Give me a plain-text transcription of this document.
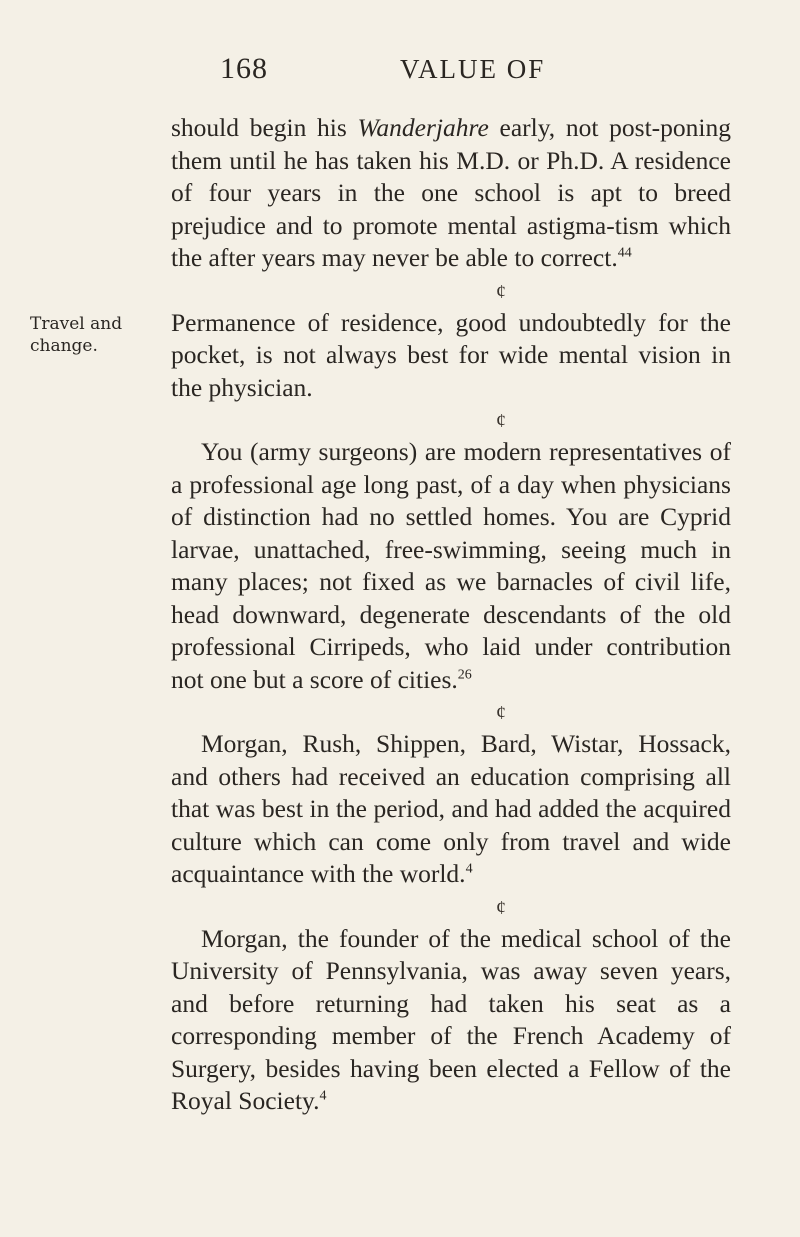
168	VALUE OF
Travel and
change.

should begin his Wanderjahre early, not post-poning them until he has taken his M.D. or Ph.D. A residence of four years in the one school is apt to breed prejudice and to promote mental astigma-tism which the after years may never be able to correct.$^{44}$

¢

Permanence of residence, good undoubtedly for the pocket, is not always best for wide mental vision in the physician.

¢

You (army surgeons) are modern representatives of a professional age long past, of a day when physicians of distinction had no settled homes. You are Cyprid larvae, unattached, free-swimming, seeing much in many places; not fixed as we barnacles of civil life, head downward, degenerate descendants of the old professional Cirripeds, who laid under contribution not one but a score of cities.$^{26}$

¢

Morgan, Rush, Shippen, Bard, Wistar, Hossack, and others had received an education comprising all that was best in the period, and had added the acquired culture which can come only from travel and wide acquaintance with the world.$^4$

¢

Morgan, the founder of the medical school of the University of Pennsylvania, was away seven years, and before returning had taken his seat as a corresponding member of the French Academy of Surgery, besides having been elected a Fellow of the Royal Society.$^4$
